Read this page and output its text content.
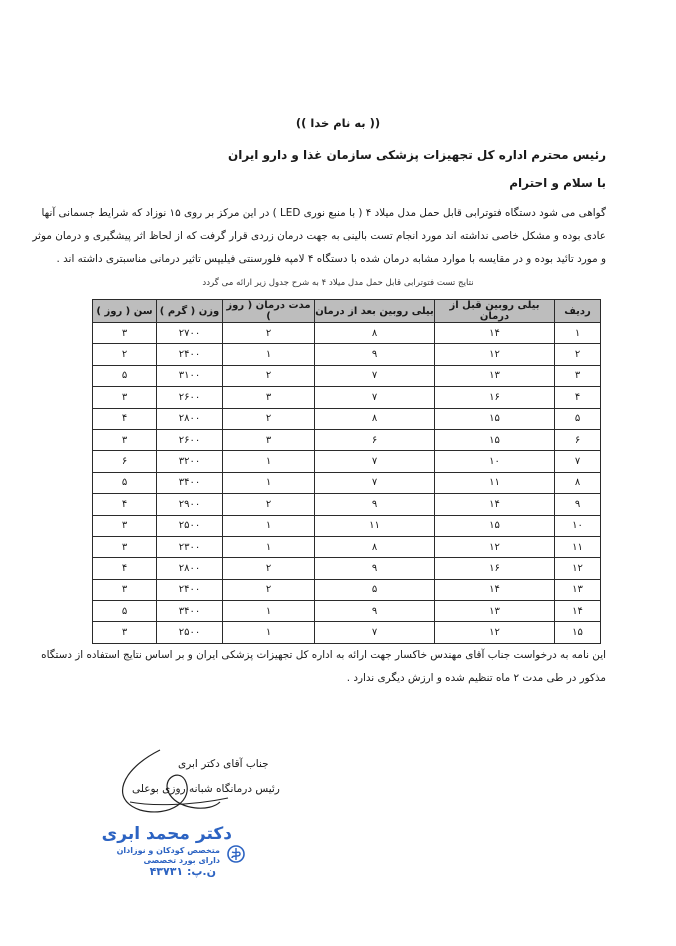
(( به نام خدا ))
رئیس محترم اداره کل تجهیزات پزشکی سازمان غذا و دارو ایران
با سلام و احترام
گواهی می شود دستگاه فتوترابی قابل حمل مدل میلاد ۴ ( با منبع نوری LED ) در این مرکز بر روی ۱۵ نوزاد که شرایط جسمانی آنها
عادی بوده و مشکل خاصی نداشته اند مورد انجام تست بالینی به جهت درمان زردی قرار گرفت که از لحاظ اثر پیشگیری و درمان موثر
و مورد تائید بوده و در مقایسه با موارد مشابه درمان شده با دستگاه ۴ لامپه فلورسنتی فیلیپس تاثیر درمانی مناسبتری داشته اند .
نتایج تست فتوترابی قابل حمل مدل میلاد ۴ به شرح جدول زیر ارائه می گردد
ردیف	بیلی روبین قبل از درمان	بیلی روبین بعد از درمان	مدت درمان ( روز )	وزن ( گرم )	سن ( روز )
۱	۱۴	۸	۲	۲۷۰۰	۳
۲	۱۲	۹	۱	۲۴۰۰	۲
۳	۱۳	۷	۲	۳۱۰۰	۵
۴	۱۶	۷	۳	۲۶۰۰	۳
۵	۱۵	۸	۲	۲۸۰۰	۴
۶	۱۵	۶	۳	۲۶۰۰	۳
۷	۱۰	۷	۱	۳۲۰۰	۶
۸	۱۱	۷	۱	۳۴۰۰	۵
۹	۱۴	۹	۲	۲۹۰۰	۴
۱۰	۱۵	۱۱	۱	۲۵۰۰	۳
۱۱	۱۲	۸	۱	۲۳۰۰	۳
۱۲	۱۶	۹	۲	۲۸۰۰	۴
۱۳	۱۴	۵	۲	۲۴۰۰	۳
۱۴	۱۳	۹	۱	۳۴۰۰	۵
۱۵	۱۲	۷	۱	۲۵۰۰	۳
این نامه به درخواست جناب آقای مهندس خاکسار جهت ارائه به اداره کل تجهیزات پزشکی ایران و بر اساس نتایج استفاده از دستگاه
مذکور در طی مدت ۲ ماه تنظیم شده و ارزش دیگری ندارد .
جناب آقای دکتر ابری
رئیس درمانگاه شبانه روزی بوعلی
دکتر محمد ابری
متخصص کودکان و نوزادان
دارای بورد تخصصی
ن.پ: ۴۳۷۳۱
